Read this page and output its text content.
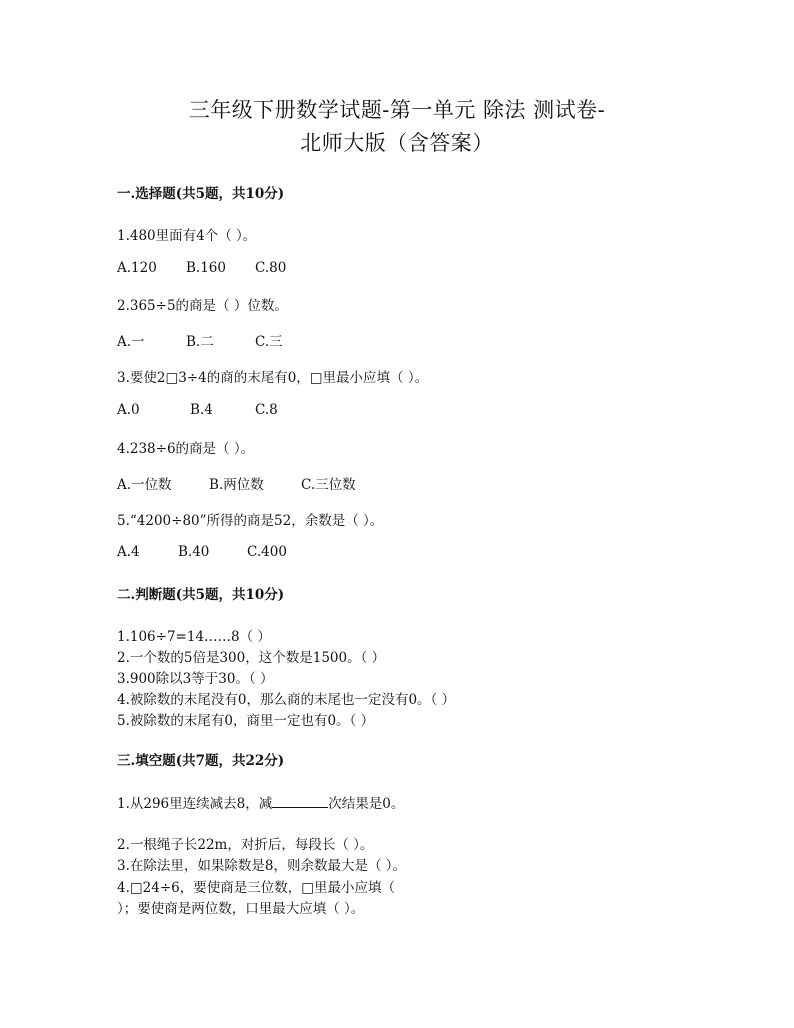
三年级下册数学试题-第一单元 除法 测试卷-
北师大版（含答案）
一.选择题(共5题，共10分)
1.480里面有4个（ ）。
A.120 B.160 C.80
2.365÷5的商是（ ）位数。
A.一	B.二	C.三
3.要使2□3÷4的商的末尾有0，□里最小应填（ ）。
A.0	B.4	C.8
4.238÷6的商是（ ）。
A.一位数	B.两位数	C.三位数
5.“4200÷80”所得的商是52，余数是（ ）。
A.4	B.40	C.400
二.判断题(共5题，共10分)
1.106÷7=14……8（ ）
2.一个数的5倍是300，这个数是1500。（ ）
3.900除以3等于30。（ ）
4.被除数的末尾没有0，那么商的末尾也一定没有0。（ ）
5.被除数的末尾有0，商里一定也有0。（ ）
三.填空题(共7题，共22分)
1.从296里连续减去8，减	次结果是0。
2.一根绳子长22m，对折后，每段长（ ）。
3.在除法里，如果除数是8，则余数最大是（ ）。
4.□24÷6，要使商是三位数，□里最小应填（
）；要使商是两位数，口里最大应填（ ）。
